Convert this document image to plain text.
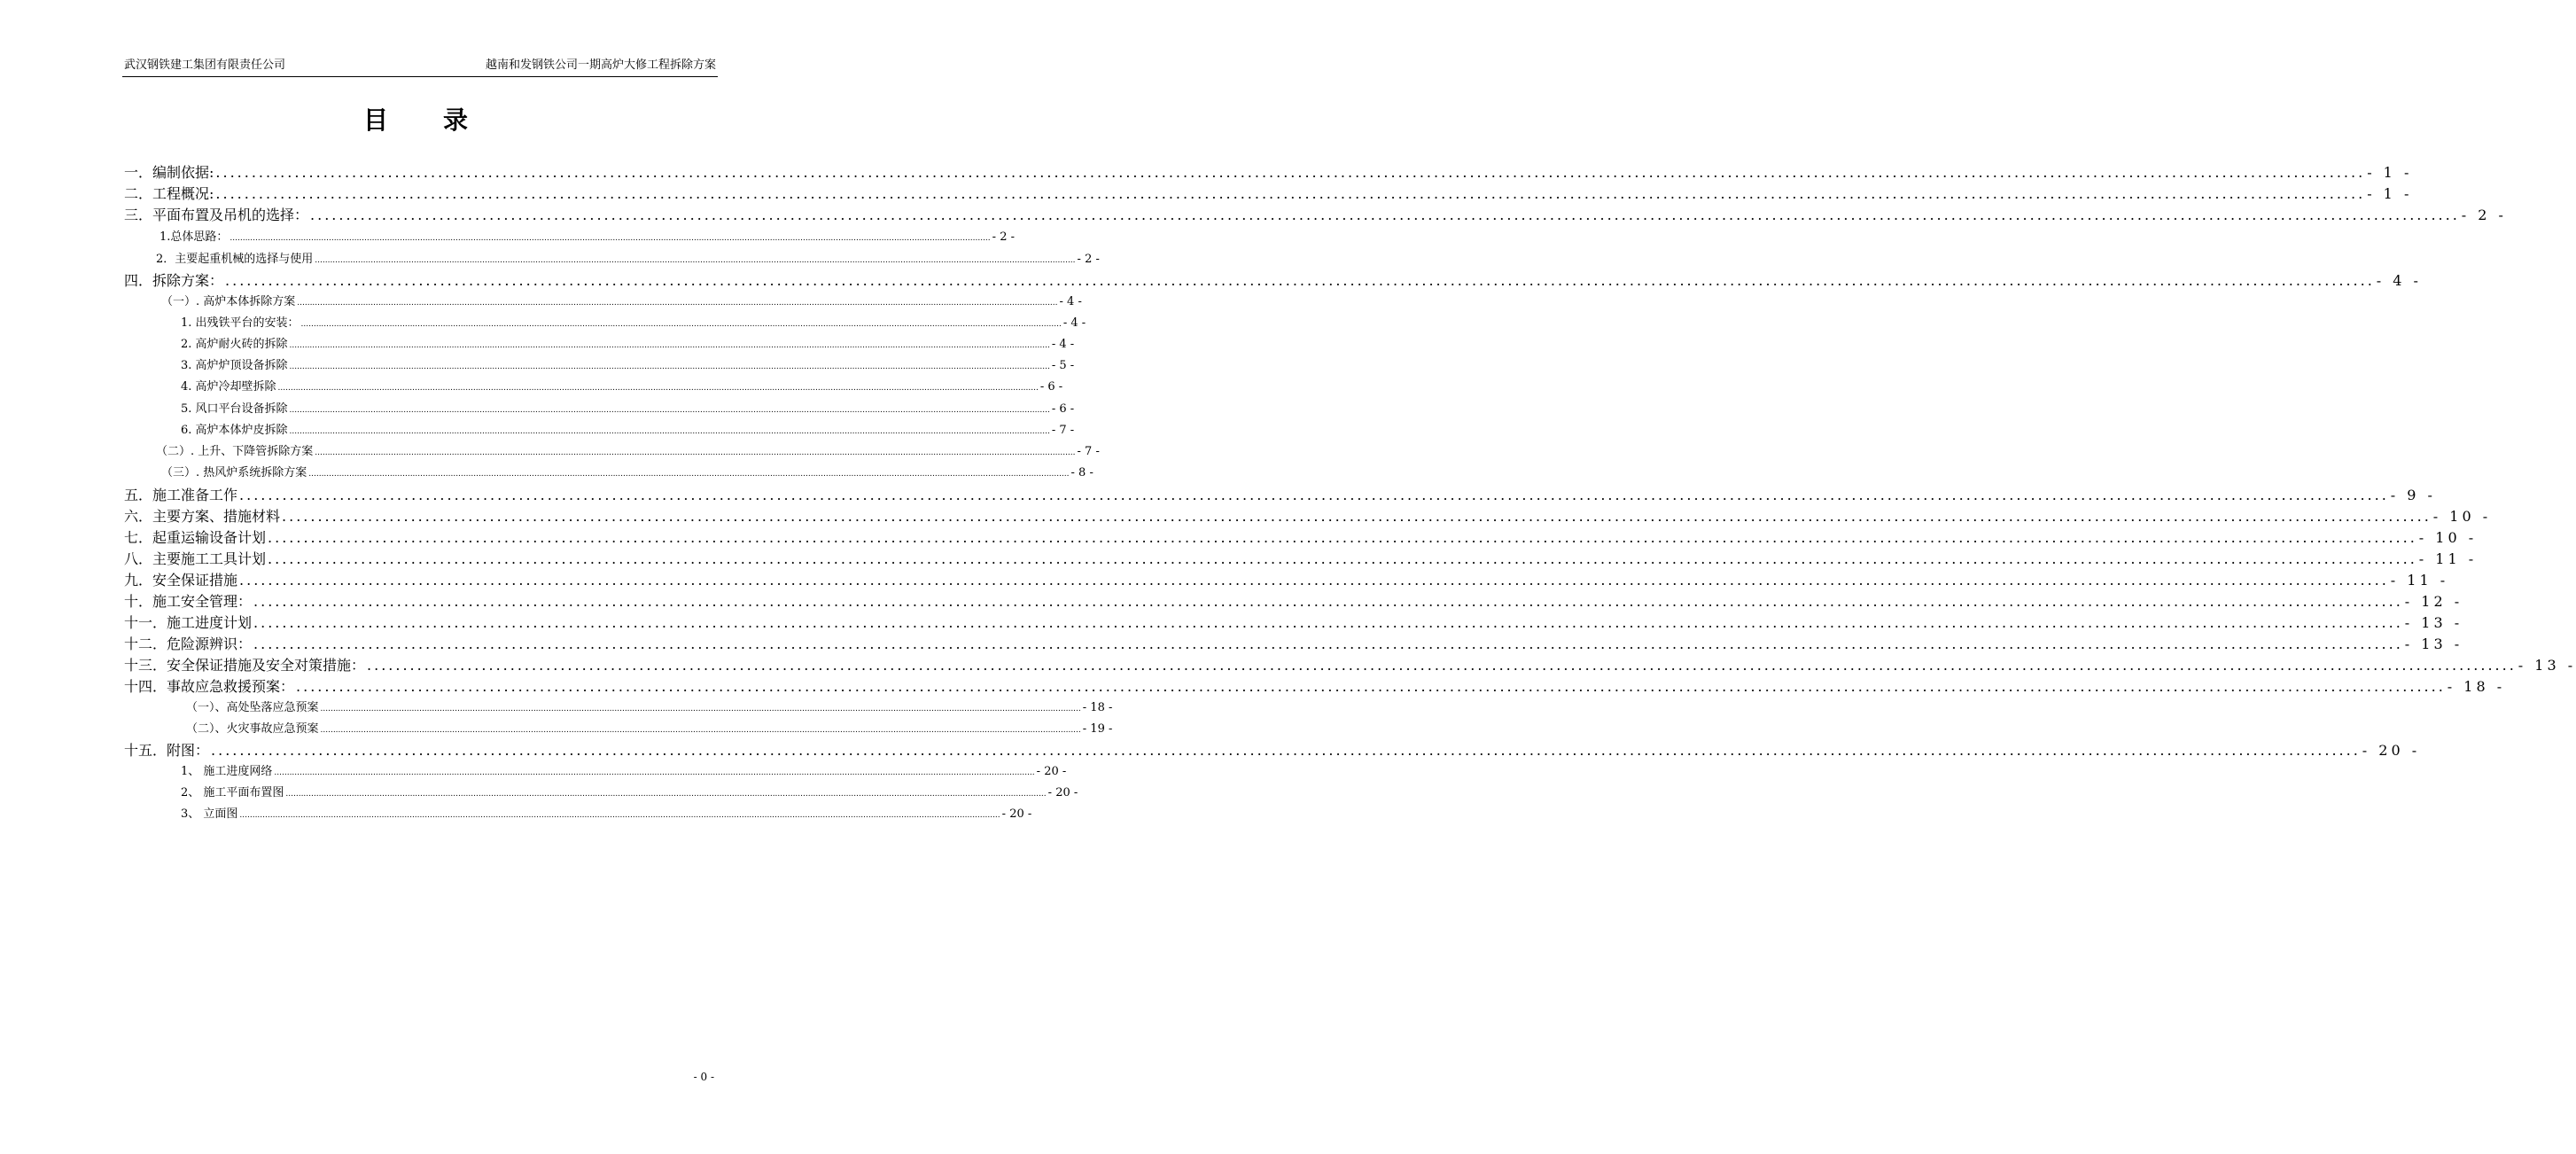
武汉钢铁建工集团有限责任公司	越南和发钢铁公司一期高炉大修工程拆除方案
目录
一．编制依据: ............................................................................................................................................................................................................................................................................................................ - 1 -
二．工程概况: ............................................................................................................................................................................................................................................................................................................ - 1 -
三．平面布置及吊机的选择： ............................................................................................................................................................................................................................................................................................................ - 2 -
1.总体思路： ............................................................................................................................................................................................................................................................................................................ - 2 -
2．主要起重机械的选择与使用 ............................................................................................................................................................................................................................................................................................................ - 2 -
四．拆除方案： ............................................................................................................................................................................................................................................................................................................ - 4 -
（一）. 高炉本体拆除方案 ............................................................................................................................................................................................................................................................................................................ - 4 -
1. 出残铁平台的安装： ............................................................................................................................................................................................................................................................................................................ - 4 -
2. 高炉耐火砖的拆除 ............................................................................................................................................................................................................................................................................................................ - 4 -
3. 高炉炉顶设备拆除 ............................................................................................................................................................................................................................................................................................................ - 5 -
4. 高炉冷却壁拆除 ............................................................................................................................................................................................................................................................................................................ - 6 -
5. 风口平台设备拆除 ............................................................................................................................................................................................................................................................................................................ - 6 -
6. 高炉本体炉皮拆除 ............................................................................................................................................................................................................................................................................................................ - 7 -
（二）. 上升、下降管拆除方案 ............................................................................................................................................................................................................................................................................................................ - 7 -
（三）. 热风炉系统拆除方案 ............................................................................................................................................................................................................................................................................................................ - 8 -
五．施工准备工作 ............................................................................................................................................................................................................................................................................................................ - 9 -
六．主要方案、措施材料 ............................................................................................................................................................................................................................................................................................................ - 10 -
七．起重运输设备计划 ............................................................................................................................................................................................................................................................................................................ - 10 -
八．主要施工工具计划 ............................................................................................................................................................................................................................................................................................................ - 11 -
九．安全保证措施 ............................................................................................................................................................................................................................................................................................................ - 11 -
十．施工安全管理： ............................................................................................................................................................................................................................................................................................................ - 12 -
十一．施工进度计划 ............................................................................................................................................................................................................................................................................................................ - 13 -
十二．危险源辨识： ............................................................................................................................................................................................................................................................................................................ - 13 -
十三．安全保证措施及安全对策措施： ............................................................................................................................................................................................................................................................................................................ - 13 -
十四．事故应急救援预案： ............................................................................................................................................................................................................................................................................................................ - 18 -
（一）、高处坠落应急预案 ............................................................................................................................................................................................................................................................................................................ - 18 -
（二）、火灾事故应急预案 ............................................................................................................................................................................................................................................................................................................ - 19 -
十五．附图： ............................................................................................................................................................................................................................................................................................................ - 20 -
1、 施工进度网络 ............................................................................................................................................................................................................................................................................................................ - 20 -
2、 施工平面布置图 ............................................................................................................................................................................................................................................................................................................ - 20 -
3、 立面图 ............................................................................................................................................................................................................................................................................................................ - 20 -
- 0 -
